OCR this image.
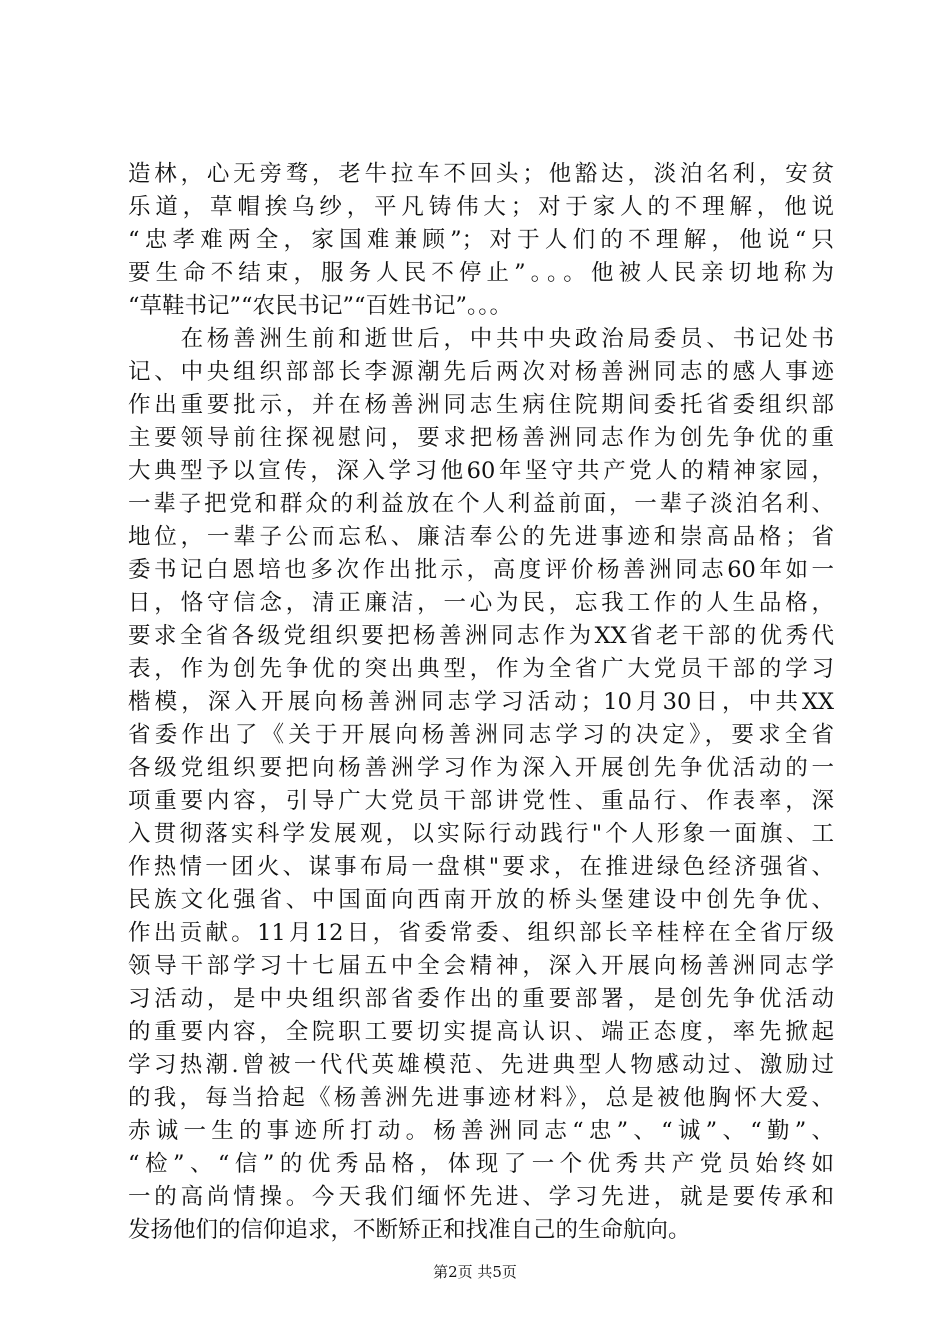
造林，心无旁骛，老牛拉车不回头；他豁达，淡泊名利，安贫
乐道，草帽挨乌纱，平凡铸伟大；对于家人的不理解，他说
“忠孝难两全，家国难兼顾”；对于人们的不理解，他说“只
要生命不结束，服务人民不停止”。。。他被人民亲切地称为
“草鞋书记”“农民书记”“百姓书记”。。。
　　在杨善洲生前和逝世后，中共中央政治局委员、书记处书
记、中央组织部部长李源潮先后两次对杨善洲同志的感人事迹
作出重要批示，并在杨善洲同志生病住院期间委托省委组织部
主要领导前往探视慰问，要求把杨善洲同志作为创先争优的重
大典型予以宣传，深入学习他60年坚守共产党人的精神家园，
一辈子把党和群众的利益放在个人利益前面，一辈子淡泊名利、
地位，一辈子公而忘私、廉洁奉公的先进事迹和崇高品格；省
委书记白恩培也多次作出批示，高度评价杨善洲同志60年如一
日，恪守信念，清正廉洁，一心为民，忘我工作的人生品格，
要求全省各级党组织要把杨善洲同志作为XX省老干部的优秀代
表，作为创先争优的突出典型，作为全省广大党员干部的学习
楷模，深入开展向杨善洲同志学习活动；10月30日，中共XX
省委作出了《关于开展向杨善洲同志学习的决定》，要求全省
各级党组织要把向杨善洲学习作为深入开展创先争优活动的一
项重要内容，引导广大党员干部讲党性、重品行、作表率，深
入贯彻落实科学发展观，以实际行动践行"个人形象一面旗、工
作热情一团火、谋事布局一盘棋"要求，在推进绿色经济强省、
民族文化强省、中国面向西南开放的桥头堡建设中创先争优、
作出贡献。11月12日，省委常委、组织部长辛桂梓在全省厅级
领导干部学习十七届五中全会精神，深入开展向杨善洲同志学
习活动，是中央组织部省委作出的重要部署，是创先争优活动
的重要内容，全院职工要切实提高认识、端正态度，率先掀起
学习热潮.曾被一代代英雄模范、先进典型人物感动过、激励过
的我，每当拾起《杨善洲先进事迹材料》，总是被他胸怀大爱、
赤诚一生的事迹所打动。杨善洲同志“忠”、“诚”、“勤”、
“检”、“信”的优秀品格，体现了一个优秀共产党员始终如
一的高尚情操。今天我们缅怀先进、学习先进，就是要传承和
发扬他们的信仰追求，不断矫正和找准自己的生命航向。
第2页 共5页
